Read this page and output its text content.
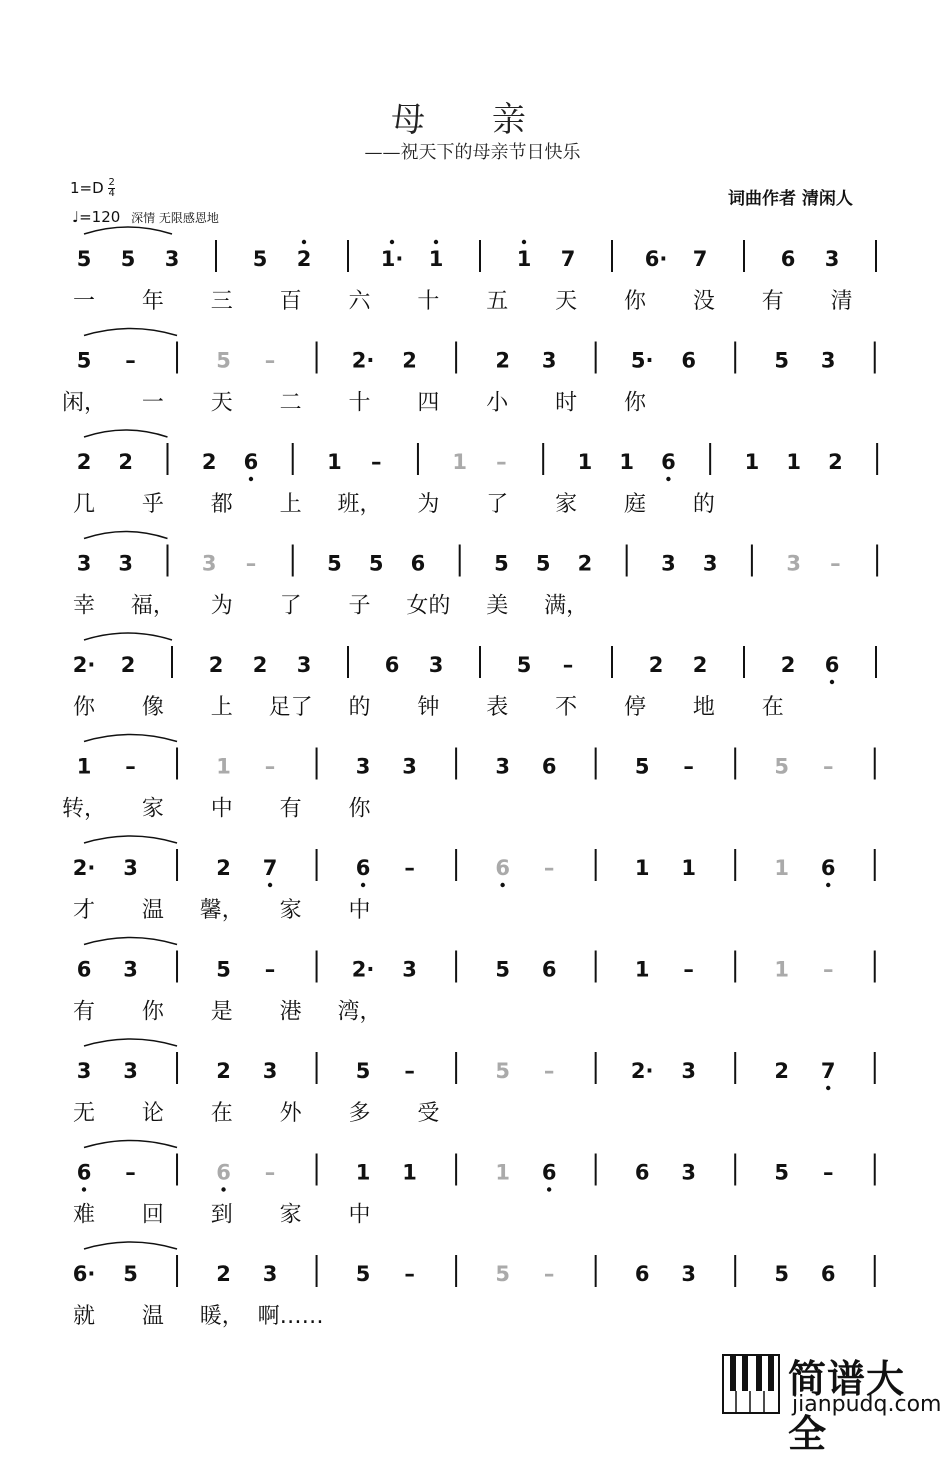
母 亲
——祝天下的母亲节日快乐
$1=D \frac{2}{4}$
♩=120 深情 无限感恩地
词曲作者 清闲人
5 5 3	5 2	1· 1	1 7	6· 7	6 3
一 年 三 百 六 十 五 天 你 没 有 清
5 –	5 –	2· 2	2 3	5· 6	5 3
闲， 一 天 二 十 四 小 时 你
2 2	2 6	1 –	1 –	1 1 6	1 1 2
几 乎 都 上 班， 为 了 家 庭 的
3 3	3 –	5 5 6	5 5 2	3 3	3 –
幸 福， 为 了 子 女的 美 满，
2· 2	2 2 3	6 3	5 –	2 2	2 6
你 像 上 足了 的 钟 表 不 停 地 在
1 –	1 –	3 3	3 6	5 –	5 –
转， 家 中 有 你
2· 3	2 7	6 –	6 –	1 1	1 6
才 温 馨， 家 中
6 3	5 –	2· 3	5 6	1 –	1 –
有 你 是 港 湾，
3 3	2 3	5 –	5 –	2· 3	2 7
无 论 在 外 多 受
6 –	6 –	1 1	1 6	6 3	5 –
难 回 到 家 中
6· 5	2 3	5 –	5 –	6 3	5 6
就 温 暖， 啊……
简谱大全
jianpudq.com
